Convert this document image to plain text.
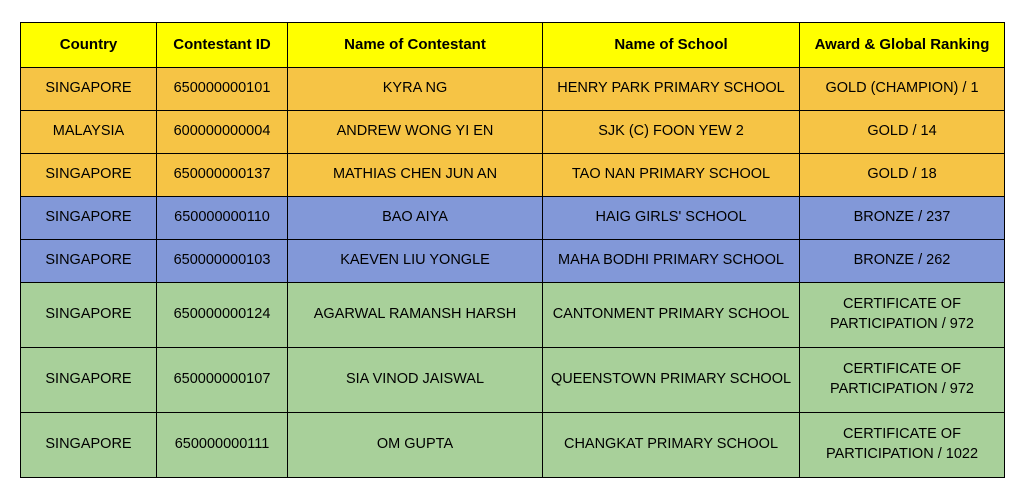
Country	Contestant ID	Name of Contestant	Name of School	Award & Global Ranking
SINGAPORE	650000000101	KYRA NG	HENRY PARK PRIMARY SCHOOL	GOLD (CHAMPION) / 1

MALAYSIA	600000000004	ANDREW WONG YI EN	SJK (C) FOON YEW 2	GOLD / 14

SINGAPORE	650000000137	MATHIAS CHEN JUN AN	TAO NAN PRIMARY SCHOOL	GOLD / 18

SINGAPORE	650000000110	BAO AIYA	HAIG GIRLS' SCHOOL	BRONZE / 237

SINGAPORE	650000000103	KAEVEN LIU YONGLE	MAHA BODHI PRIMARY SCHOOL	BRONZE / 262

SINGAPORE	650000000124	AGARWAL RAMANSH HARSH	CANTONMENT PRIMARY SCHOOL	CERTIFICATE OF
PARTICIPATION / 972

SINGAPORE	650000000107	SIA VINOD JAISWAL	QUEENSTOWN PRIMARY SCHOOL	CERTIFICATE OF
PARTICIPATION / 972

SINGAPORE	650000000111	OM GUPTA	CHANGKAT PRIMARY SCHOOL	CERTIFICATE OF
PARTICIPATION / 1022
